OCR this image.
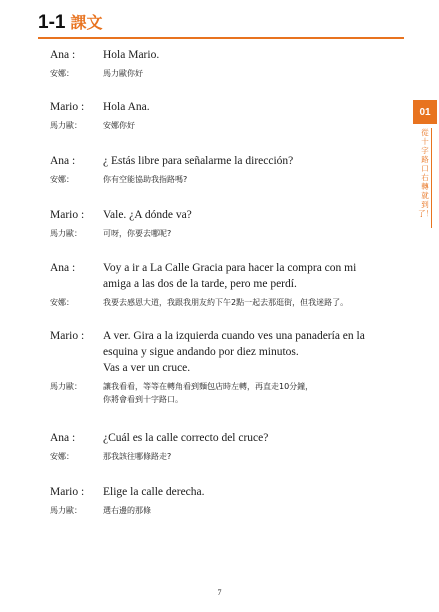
1-1 課文
01
從十字路口右轉就到了！
Ana :	Hola Mario.
安娜：	馬力歐你好
Mario :	Hola Ana.
馬力歐：	安娜你好
Ana :	¿ Estás libre para señalarme la dirección?
安娜：	你有空能協助我指路嗎?
Mario :	Vale. ¿A dónde va?
馬力歐：	可呀，你要去哪呢?
Ana :	Voy a ir a La Calle Gracia para hacer la compra con mi
amiga a las dos de la tarde, pero me perdí.
安娜：	我要去感恩大道，我跟我朋友約下午2點一起去那逛街，但我迷路了。
Mario :	A ver. Gira a la izquierda cuando ves una panadería en la
esquina y sigue andando por diez minutos.
Vas a ver un cruce.
馬力歐：	讓我看看，等等在轉角看到麵包店時左轉，再直走10分鐘，
你將會看到十字路口。
Ana :	¿Cuál es la calle correcto del cruce?
安娜：	那我該往哪條路走?
Mario :	Elige la calle derecha.
馬力歐：	選右邊的那條
7
